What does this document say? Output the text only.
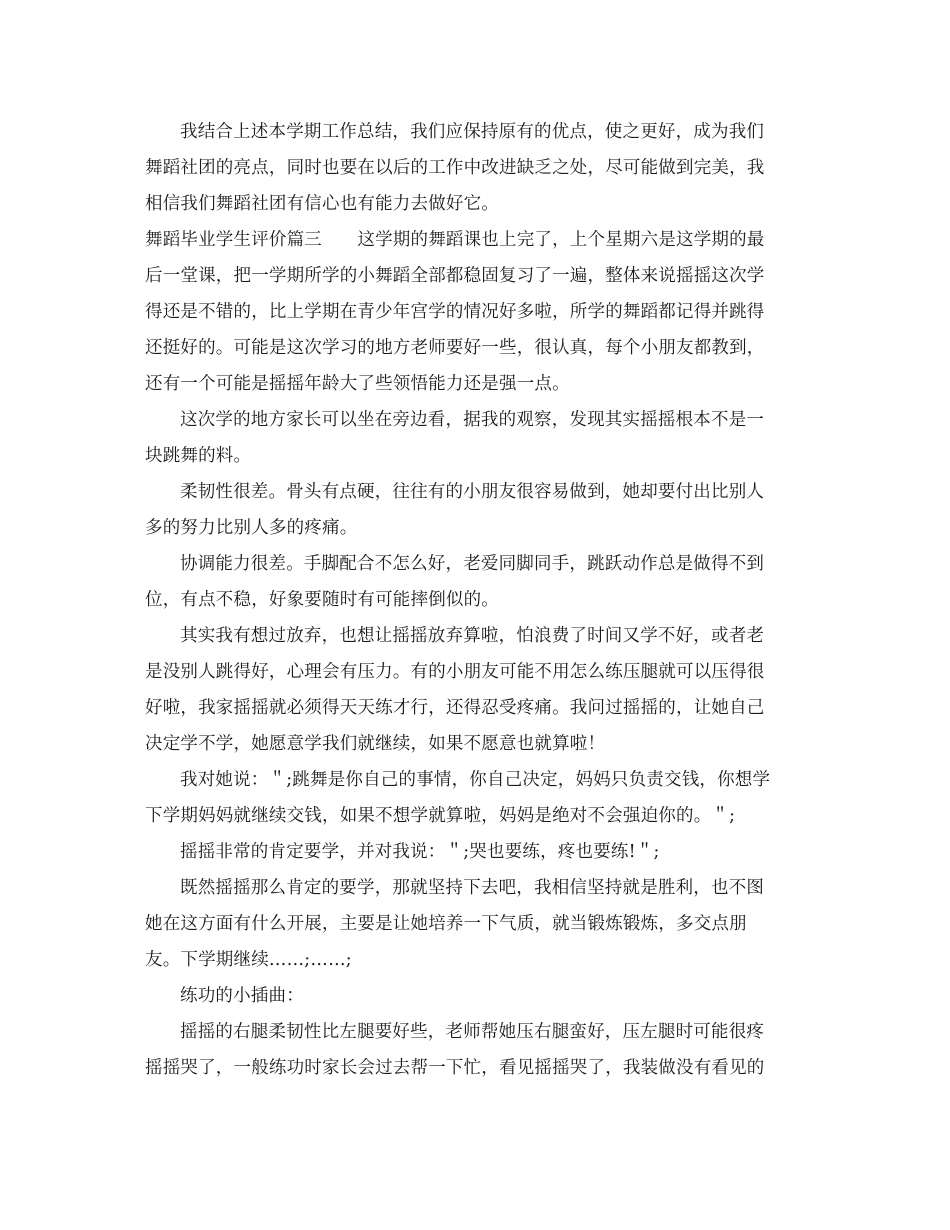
我结合上述本学期工作总结，我们应保持原有的优点，使之更好，成为我们
舞蹈社团的亮点，同时也要在以后的工作中改进缺乏之处，尽可能做到完美，我
相信我们舞蹈社团有信心也有能力去做好它。
舞蹈毕业学生评价篇三　　这学期的舞蹈课也上完了，上个星期六是这学期的最
后一堂课，把一学期所学的小舞蹈全部都稳固复习了一遍，整体来说摇摇这次学
得还是不错的，比上学期在青少年宫学的情况好多啦，所学的舞蹈都记得并跳得
还挺好的。可能是这次学习的地方老师要好一些，很认真，每个小朋友都教到，
还有一个可能是摇摇年龄大了些领悟能力还是强一点。
这次学的地方家长可以坐在旁边看，据我的观察，发现其实摇摇根本不是一
块跳舞的料。
柔韧性很差。骨头有点硬，往往有的小朋友很容易做到，她却要付出比别人
多的努力比别人多的疼痛。
协调能力很差。手脚配合不怎么好，老爱同脚同手，跳跃动作总是做得不到
位，有点不稳，好象要随时有可能摔倒似的。
其实我有想过放弃，也想让摇摇放弃算啦，怕浪费了时间又学不好，或者老
是没别人跳得好，心理会有压力。有的小朋友可能不用怎么练压腿就可以压得很
好啦，我家摇摇就必须得天天练才行，还得忍受疼痛。我问过摇摇的，让她自己
决定学不学，她愿意学我们就继续，如果不愿意也就算啦！
我对她说：＂;跳舞是你自己的事情，你自己决定，妈妈只负责交钱，你想学
下学期妈妈就继续交钱，如果不想学就算啦，妈妈是绝对不会强迫你的。＂;
摇摇非常的肯定要学，并对我说：＂;哭也要练，疼也要练!＂;
既然摇摇那么肯定的要学，那就坚持下去吧，我相信坚持就是胜利，也不图
她在这方面有什么开展，主要是让她培养一下气质，就当锻炼锻炼，多交点朋
友。下学期继续……;……;
练功的小插曲：
摇摇的右腿柔韧性比左腿要好些，老师帮她压右腿蛮好，压左腿时可能很疼
摇摇哭了，一般练功时家长会过去帮一下忙，看见摇摇哭了，我装做没有看见的
